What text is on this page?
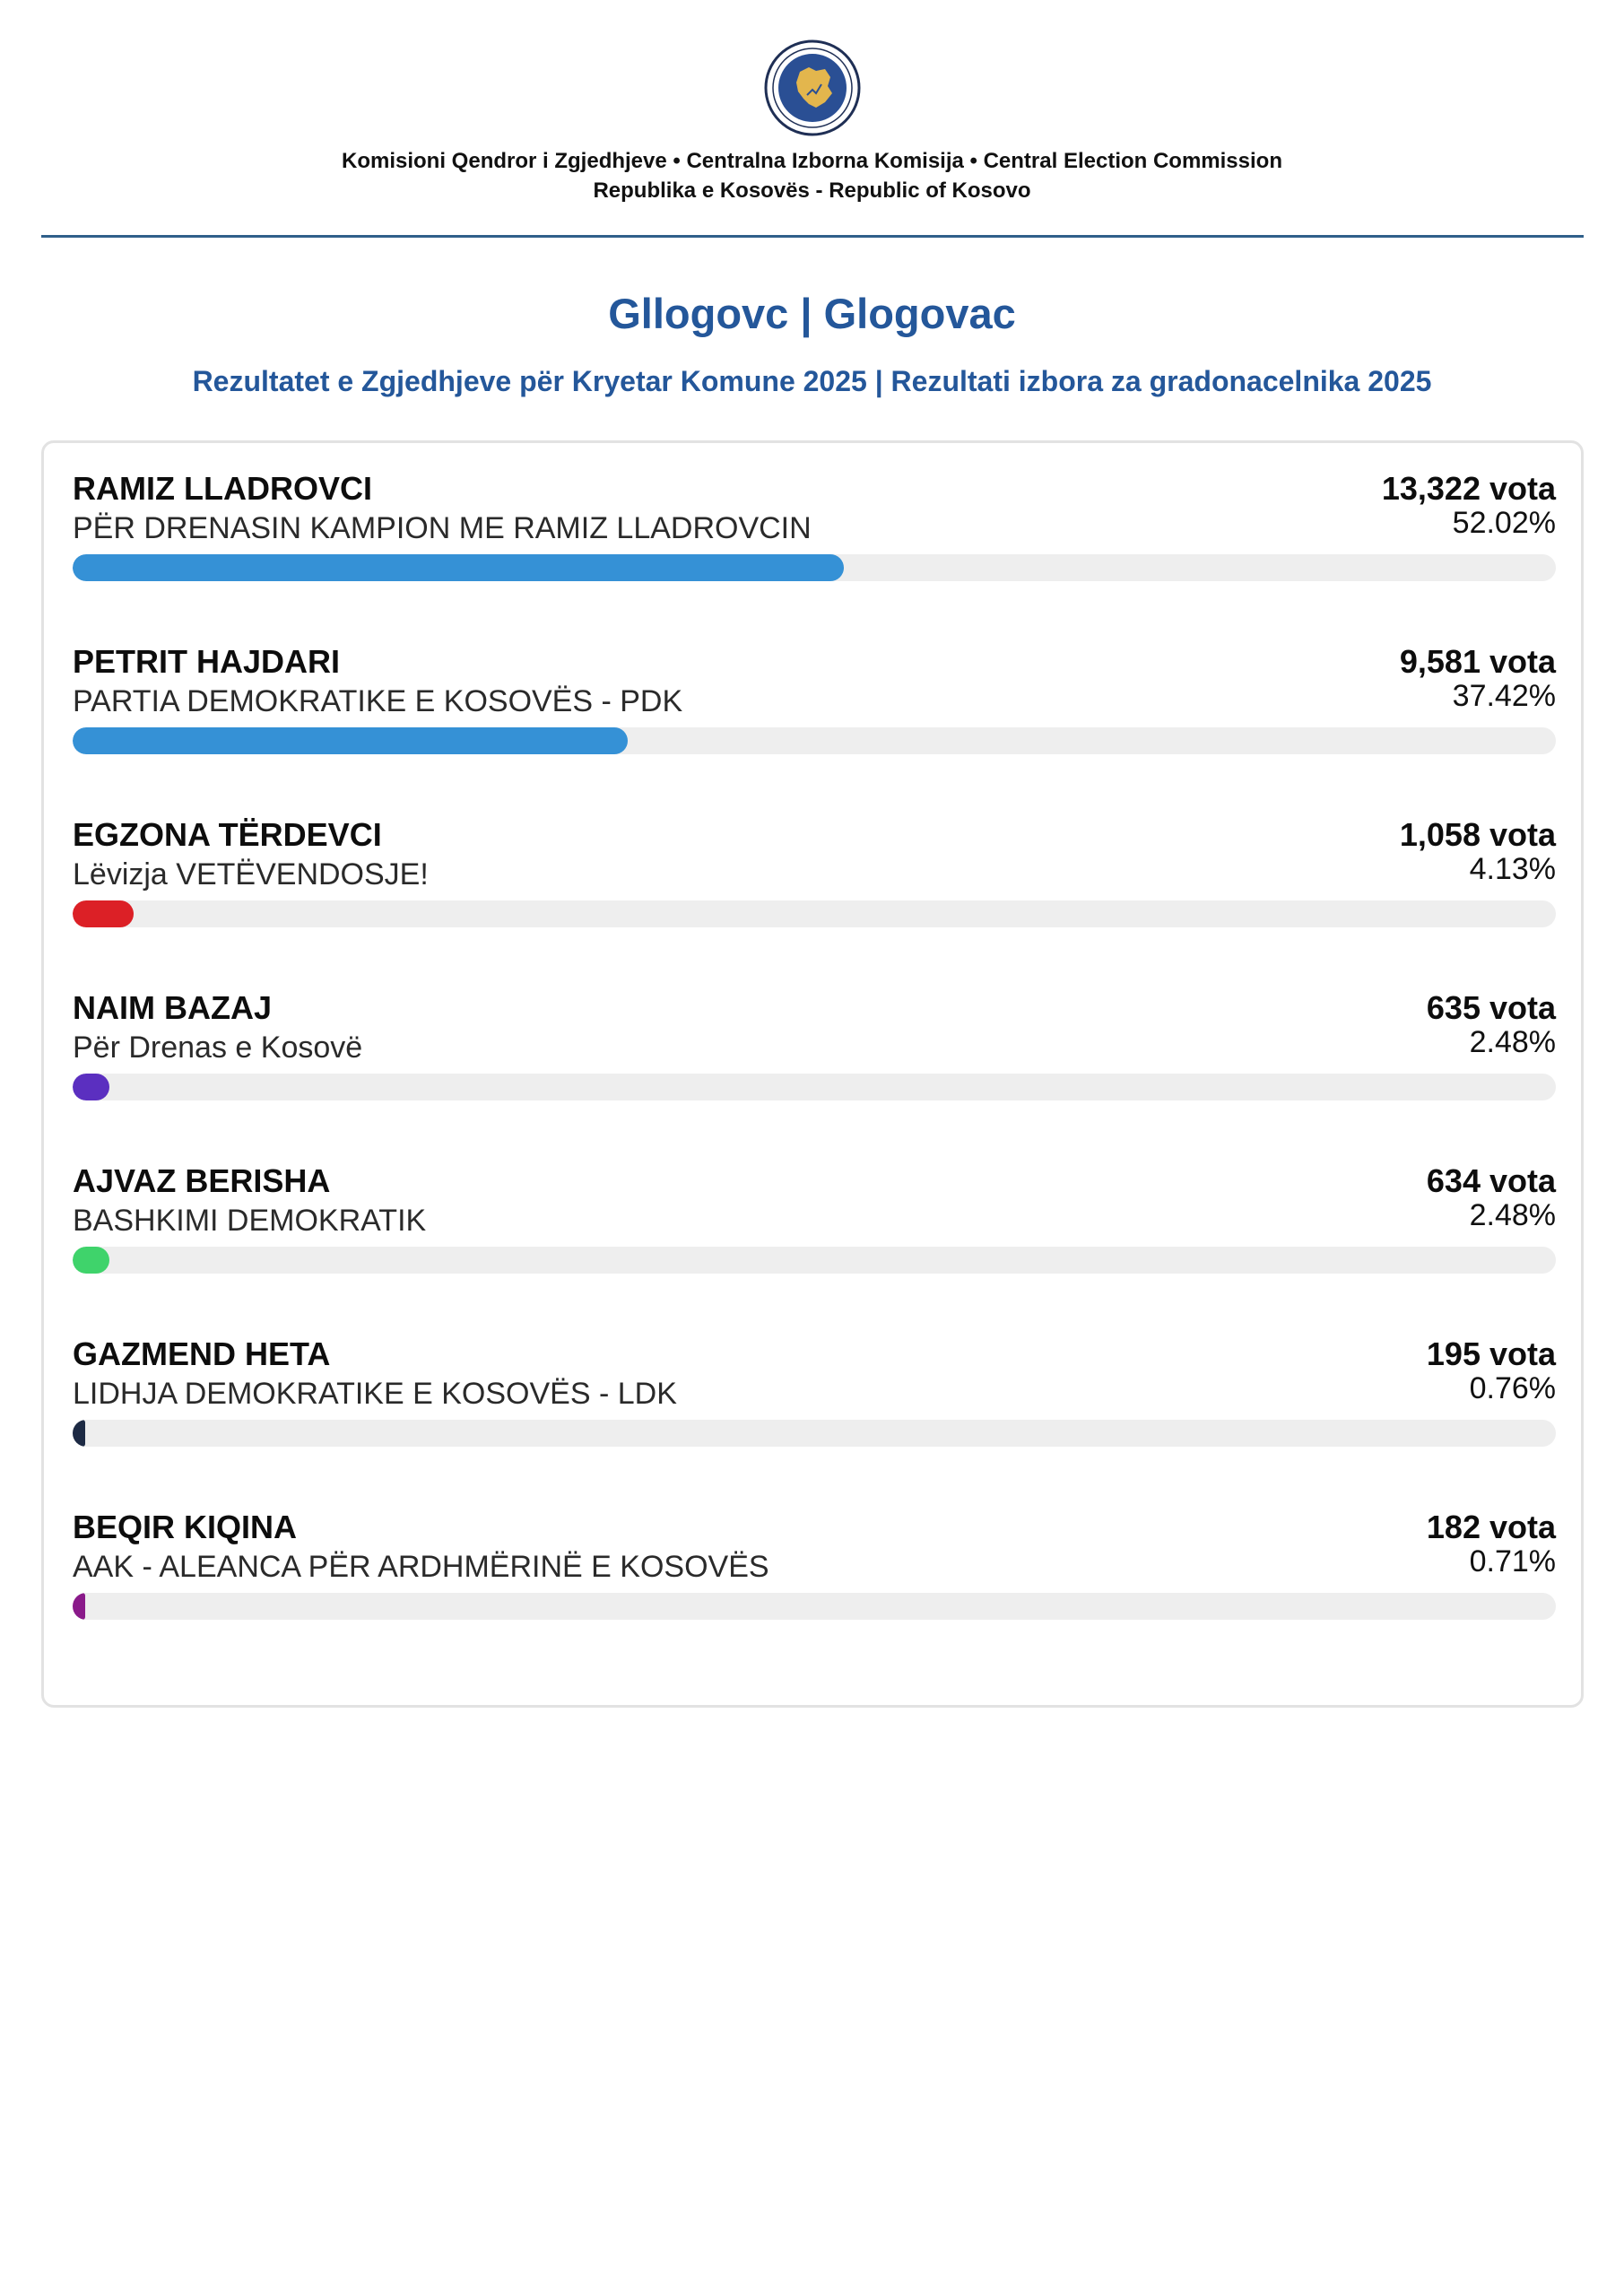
Komisioni Qendror i Zgjedhjeve • Centralna Izborna Komisija • Central Election Commission
Republika e Kosovës - Republic of Kosovo
Gllogovc | Glogovac
Rezultatet e Zgjedhjeve për Kryetar Komune 2025 | Rezultati izbora za gradonacelnika 2025
RAMIZ LLADROVCI
PËR DRENASIN KAMPION ME RAMIZ LLADROVCIN
13,322 vota
52.02%
PETRIT HAJDARI
PARTIA DEMOKRATIKE E KOSOVËS - PDK
9,581 vota
37.42%
EGZONA TËRDEVCI
Lëvizja VETËVENDOSJE!
1,058 vota
4.13%
NAIM BAZAJ
Për Drenas e Kosovë
635 vota
2.48%
AJVAZ BERISHA
BASHKIMI DEMOKRATIK
634 vota
2.48%
GAZMEND HETA
LIDHJA DEMOKRATIKE E KOSOVËS - LDK
195 vota
0.76%
BEQIR KIQINA
AAK - ALEANCA PËR ARDHMËRINË E KOSOVËS
182 vota
0.71%
